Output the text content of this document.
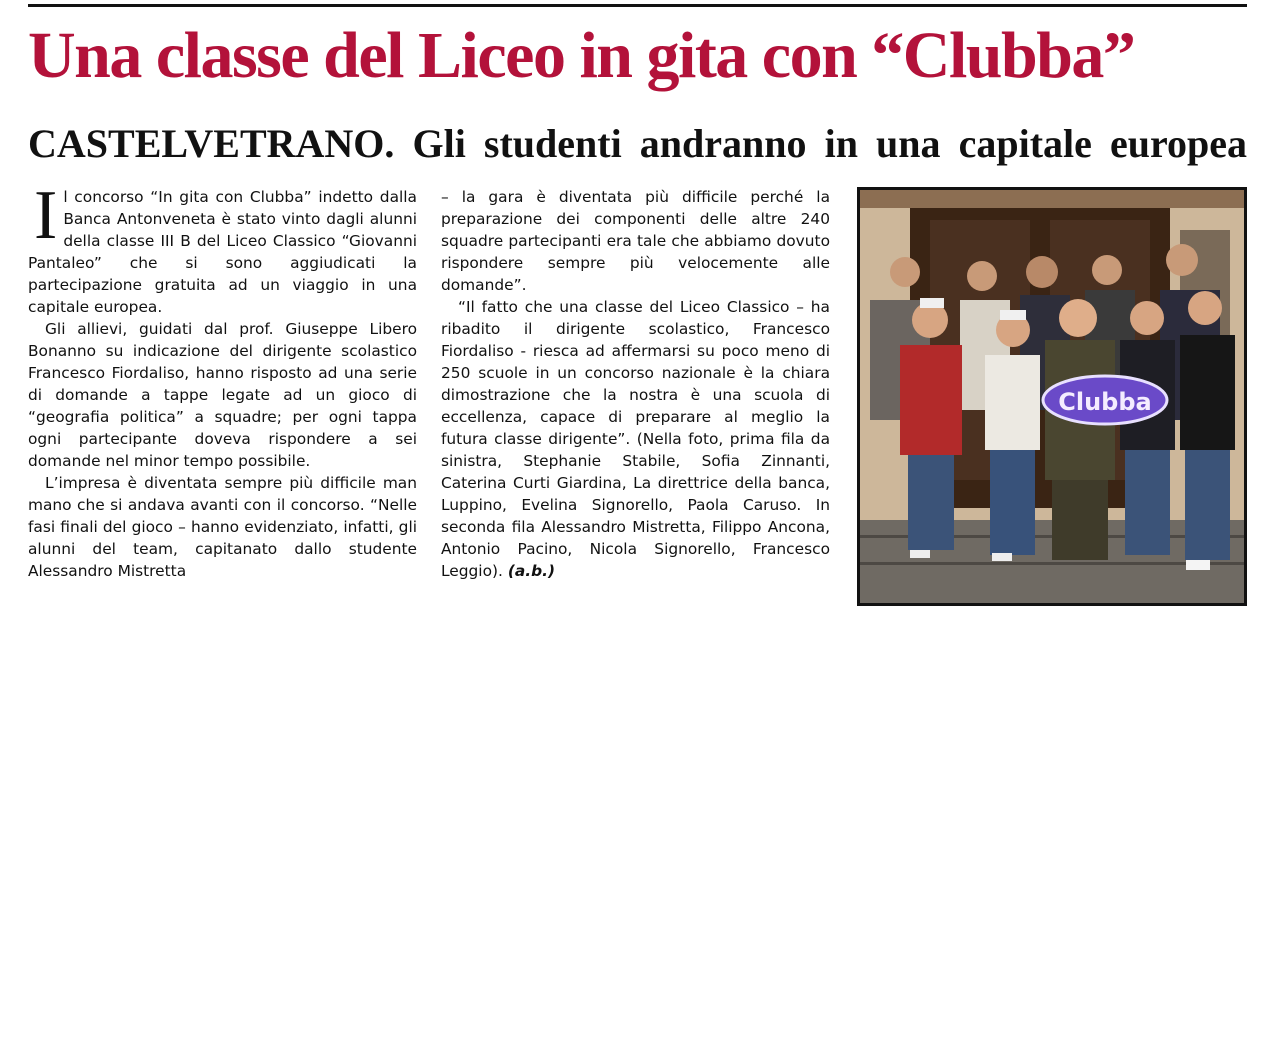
Una classe del Liceo in gita con “Clubba”
CASTELVETRANO. Gli studenti andranno in una capitale europea

Il concorso “In gita con Clubba” indetto dalla Banca Antonveneta è stato vinto dagli alunni della classe III B del Liceo Classico “Giovanni Pantaleo” che si sono aggiudicati la partecipazione gratuita ad un viaggio in una capitale europea.

Gli allievi, guidati dal prof. Giuseppe Libero Bonanno su indicazione del dirigente scolastico Francesco Fiordaliso, hanno risposto ad una serie di domande a tappe legate ad un gioco di “geografia politica” a squadre; per ogni tappa ogni partecipante doveva rispondere a sei domande nel minor tempo possibile.

L’impresa è diventata sempre più difficile man mano che si andava avanti con il concorso. “Nelle fasi finali del gioco – hanno evidenziato, infatti, gli alunni del team, capitanato dallo studente Alessandro Mistretta

– la gara è diventata più difficile perché la preparazione dei componenti delle altre 240 squadre partecipanti era tale che abbiamo dovuto rispondere sempre più velocemente alle domande”.

“Il fatto che una classe del Liceo Classico – ha ribadito il dirigente scolastico, Francesco Fiordaliso - riesca ad affermarsi su poco meno di 250 scuole in un concorso nazionale è la chiara dimostrazione che la nostra è una scuola di eccellenza, capace di preparare al meglio la futura classe dirigente”. (Nella foto, prima fila da sinistra, Stephanie Stabile, Sofia Zinnanti, Caterina Curti Giardina, La direttrice della banca, Luppino, Evelina Signorello, Paola Caruso. In seconda fila Alessandro Mistretta, Filippo Ancona, Antonio Pacino, Nicola Signorello, Francesco Leggio). (a.b.)

Clubba
